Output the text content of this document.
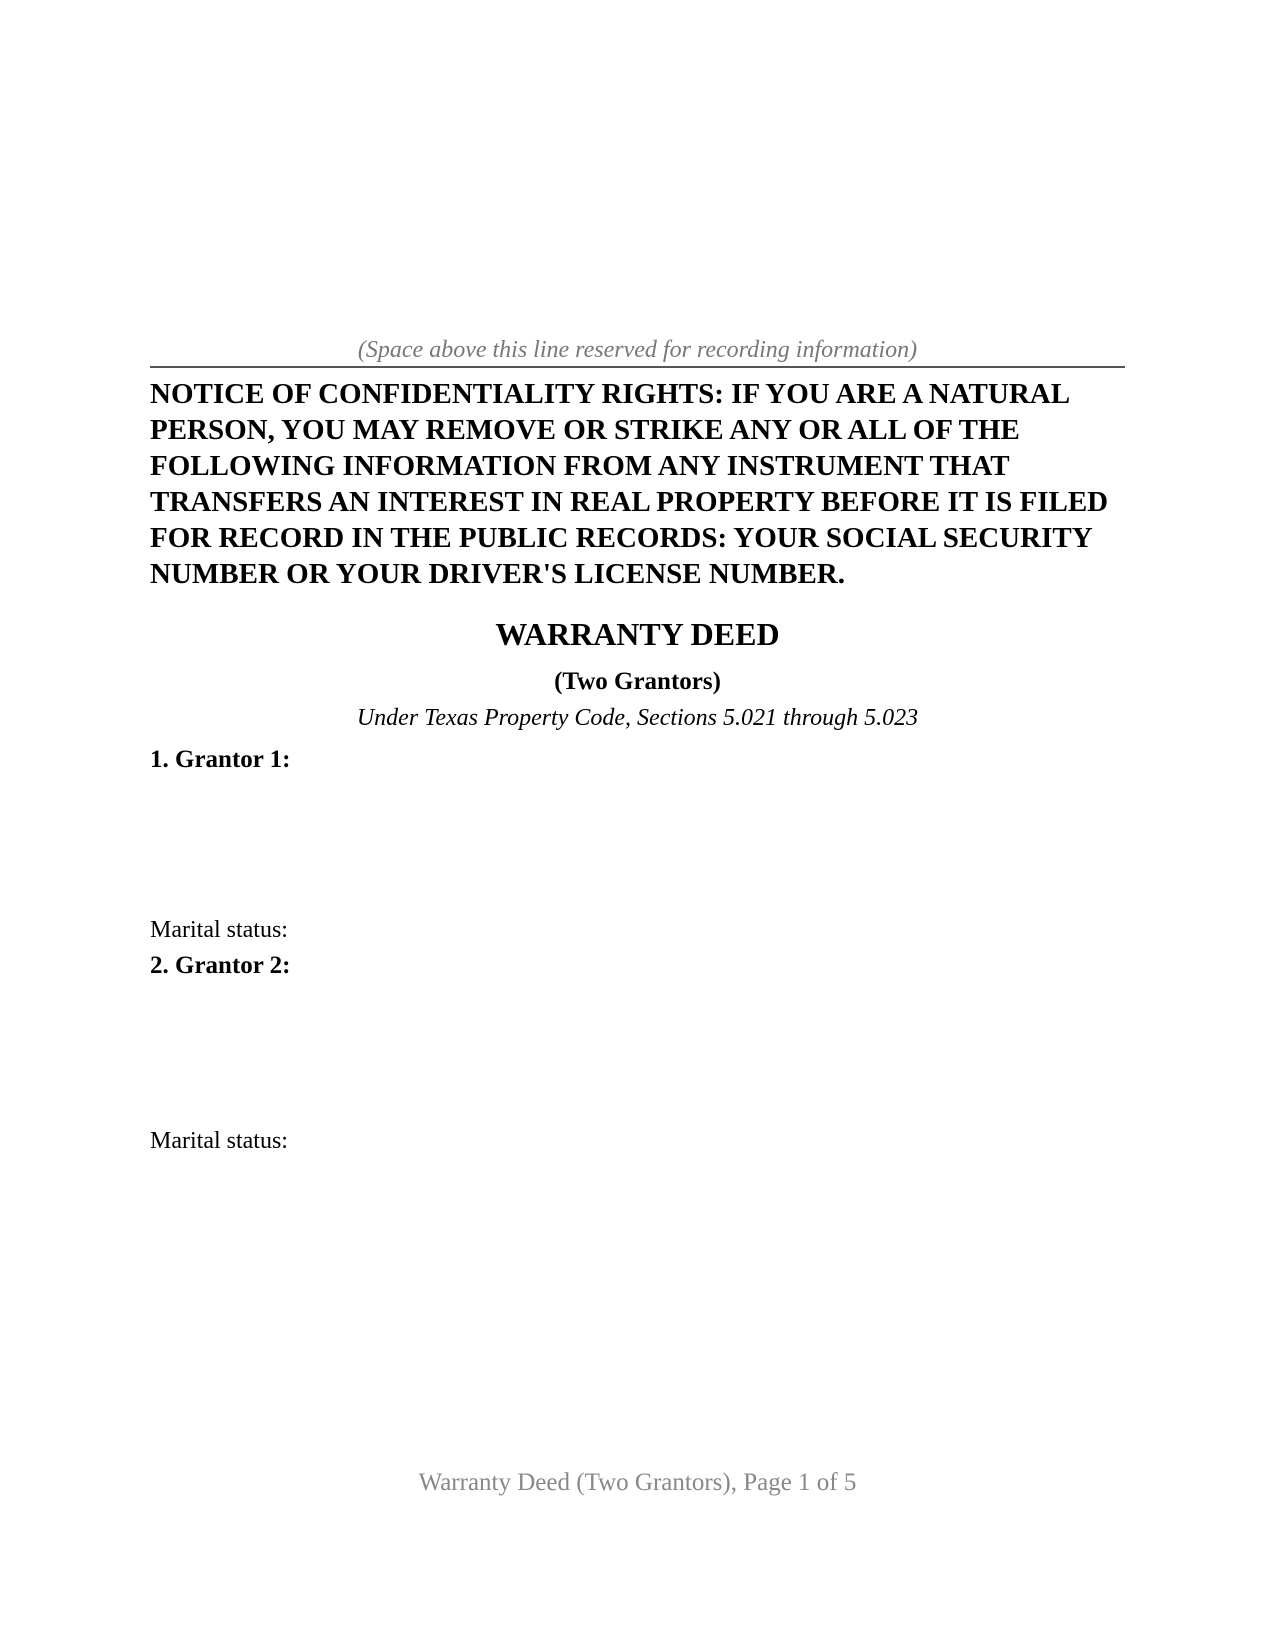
(Space above this line reserved for recording information)
NOTICE OF CONFIDENTIALITY RIGHTS: IF YOU ARE A NATURAL PERSON, YOU MAY REMOVE OR STRIKE ANY OR ALL OF THE FOLLOWING INFORMATION FROM ANY INSTRUMENT THAT TRANSFERS AN INTEREST IN REAL PROPERTY BEFORE IT IS FILED FOR RECORD IN THE PUBLIC RECORDS: YOUR SOCIAL SECURITY NUMBER OR YOUR DRIVER'S LICENSE NUMBER.
WARRANTY DEED
(Two Grantors)
Under Texas Property Code, Sections 5.021 through 5.023
1. Grantor 1:
Marital status:
2. Grantor 2:
Marital status:
Warranty Deed (Two Grantors), Page 1 of 5
